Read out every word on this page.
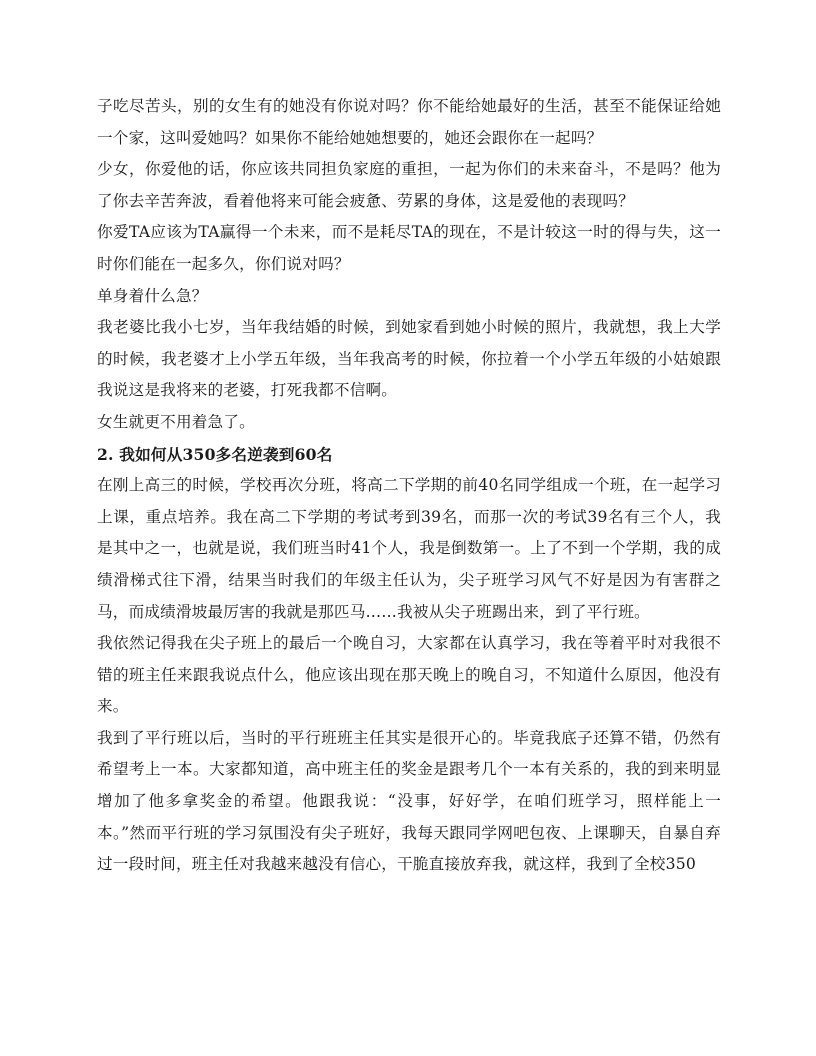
子吃尽苦头，别的女生有的她没有你说对吗？你不能给她最好的生活，甚至不能保证给她一个家，这叫爱她吗？如果你不能给她她想要的，她还会跟你在一起吗？

少女，你爱他的话，你应该共同担负家庭的重担，一起为你们的未来奋斗，不是吗？他为了你去辛苦奔波，看着他将来可能会疲惫、劳累的身体，这是爱他的表现吗？

你爱TA应该为TA赢得一个未来，而不是耗尽TA的现在，不是计较这一时的得与失，这一时你们能在一起多久，你们说对吗？

单身着什么急？

我老婆比我小七岁，当年我结婚的时候，到她家看到她小时候的照片，我就想，我上大学的时候，我老婆才上小学五年级，当年我高考的时候，你拉着一个小学五年级的小姑娘跟我说这是我将来的老婆，打死我都不信啊。

女生就更不用着急了。

2. 我如何从350多名逆袭到60名

在刚上高三的时候，学校再次分班，将高二下学期的前40名同学组成一个班，在一起学习上课，重点培养。我在高二下学期的考试考到39名，而那一次的考试39名有三个人，我是其中之一，也就是说，我们班当时41个人，我是倒数第一。上了不到一个学期，我的成绩滑梯式往下滑，结果当时我们的年级主任认为，尖子班学习风气不好是因为有害群之马，而成绩滑坡最厉害的我就是那匹马……我被从尖子班踢出来，到了平行班。

我依然记得我在尖子班上的最后一个晚自习，大家都在认真学习，我在等着平时对我很不错的班主任来跟我说点什么，他应该出现在那天晚上的晚自习，不知道什么原因，他没有来。

我到了平行班以后，当时的平行班班主任其实是很开心的。毕竟我底子还算不错，仍然有希望考上一本。大家都知道，高中班主任的奖金是跟考几个一本有关系的，我的到来明显增加了他多拿奖金的希望。他跟我说：“没事，好好学，在咱们班学习，照样能上一本。”然而平行班的学习氛围没有尖子班好，我每天跟同学网吧包夜、上课聊天，自暴自弃过一段时间，班主任对我越来越没有信心，干脆直接放弃我，就这样，我到了全校350
